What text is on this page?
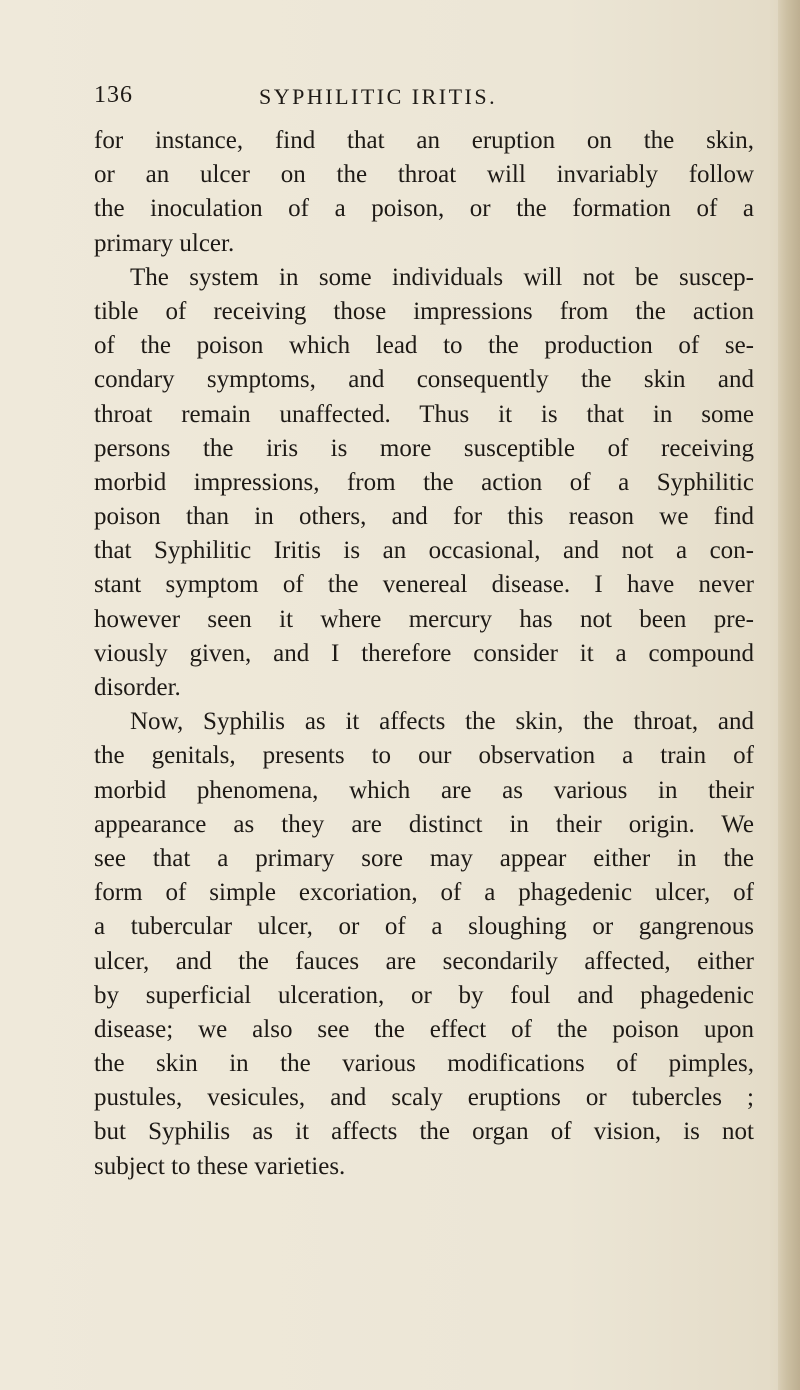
136	SYPHILITIC IRITIS.
for instance, find that an eruption on the skin,
or an ulcer on the throat will invariably follow
the inoculation of a poison, or the formation of a
primary ulcer.
The system in some individuals will not be suscep-
tible of receiving those impressions from the action
of the poison which lead to the production of se-
condary symptoms, and consequently the skin and
throat remain unaffected. Thus it is that in some
persons the iris is more susceptible of receiving
morbid impressions, from the action of a Syphilitic
poison than in others, and for this reason we find
that Syphilitic Iritis is an occasional, and not a con-
stant symptom of the venereal disease. I have never
however seen it where mercury has not been pre-
viously given, and I therefore consider it a compound
disorder.
Now, Syphilis as it affects the skin, the throat, and
the genitals, presents to our observation a train of
morbid phenomena, which are as various in their
appearance as they are distinct in their origin. We
see that a primary sore may appear either in the
form of simple excoriation, of a phagedenic ulcer, of
a tubercular ulcer, or of a sloughing or gangrenous
ulcer, and the fauces are secondarily affected, either
by superficial ulceration, or by foul and phagedenic
disease; we also see the effect of the poison upon
the skin in the various modifications of pimples,
pustules, vesicules, and scaly eruptions or tubercles ;
but Syphilis as it affects the organ of vision, is not
subject to these varieties.
